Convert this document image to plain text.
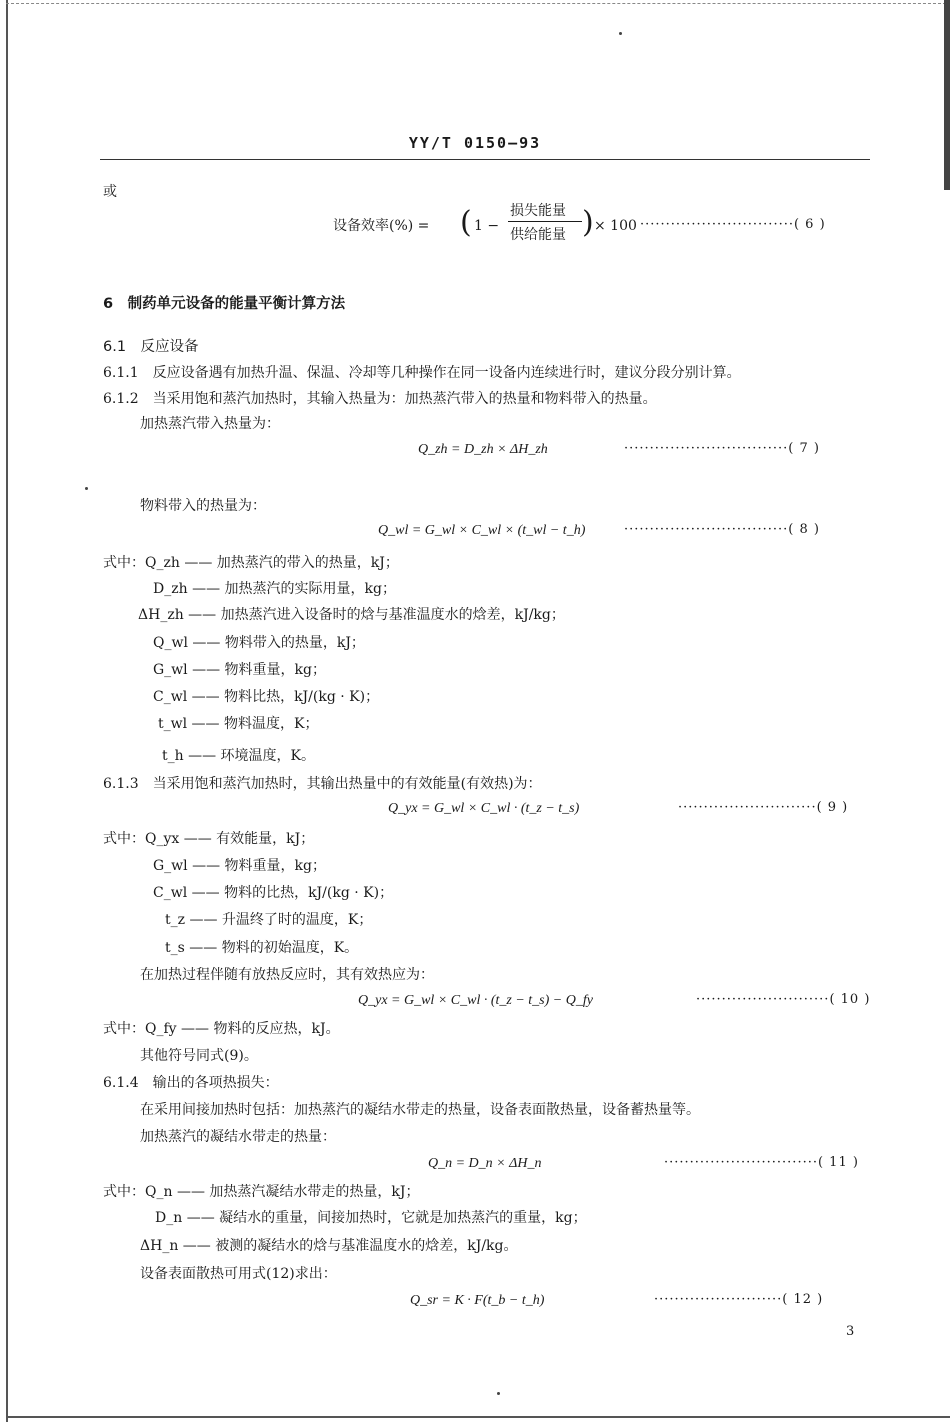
YY/T 0150—93
或
设备效率(%) = ( 1 −
损失能量
供给能量 ) × 100 ······························( 6 )
6　制药单元设备的能量平衡计算方法
6.1　反应设备
6.1.1　反应设备遇有加热升温、保温、冷却等几种操作在同一设备内连续进行时，建议分段分别计算。
6.1.2　当采用饱和蒸汽加热时，其输入热量为：加热蒸汽带入的热量和物料带入的热量。
加热蒸汽带入热量为：
Q_zh = D_zh × ΔH_zh	································( 7 )
物料带入的热量为：
Q_wl = G_wl × C_wl × (t_wl − t_h)	································( 8 )
式中：Q_zh —— 加热蒸汽的带入的热量，kJ；
D_zh —— 加热蒸汽的实际用量，kg；
ΔH_zh —— 加热蒸汽进入设备时的焓与基准温度水的焓差，kJ/kg；
Q_wl —— 物料带入的热量，kJ；
G_wl —— 物料重量，kg；
C_wl —— 物料比热，kJ/(kg · K)；
t_wl —— 物料温度，K；
t_h —— 环境温度，K。
6.1.3　当采用饱和蒸汽加热时，其输出热量中的有效能量(有效热)为：
Q_yx = G_wl × C_wl · (t_z − t_s)	···························( 9 )
式中：Q_yx —— 有效能量，kJ；
G_wl —— 物料重量，kg；
C_wl —— 物料的比热，kJ/(kg · K)；
t_z —— 升温终了时的温度，K；
t_s —— 物料的初始温度，K。
在加热过程伴随有放热反应时，其有效热应为：
Q_yx = G_wl × C_wl · (t_z − t_s) − Q_fy	··························( 10 )
式中：Q_fy —— 物料的反应热，kJ。
其他符号同式(9)。
6.1.4　输出的各项热损失：
在采用间接加热时包括：加热蒸汽的凝结水带走的热量，设备表面散热量，设备蓄热量等。
加热蒸汽的凝结水带走的热量：
Q_n = D_n × ΔH_n	······························( 11 )
式中：Q_n —— 加热蒸汽凝结水带走的热量，kJ；
D_n —— 凝结水的重量，间接加热时，它就是加热蒸汽的重量，kg；
ΔH_n —— 被测的凝结水的焓与基准温度水的焓差，kJ/kg。
设备表面散热可用式(12)求出：
Q_sr = K · F(t_b − t_h)	·························( 12 )
3
